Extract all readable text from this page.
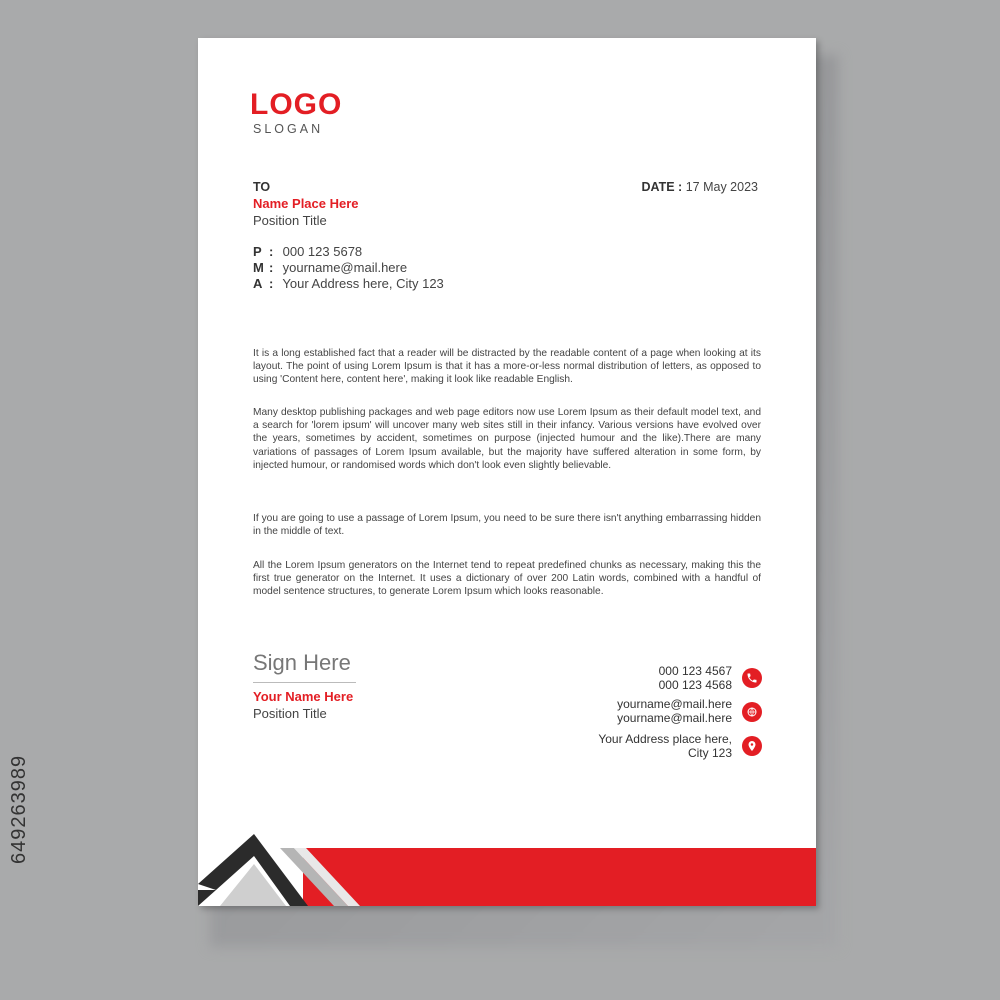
LOGO
SLOGAN
TO
Name Place Here
Position Title
DATE : 17 May 2023
P : 000 123 5678
M : yourname@mail.here
A : Your Address here, City 123

It is a long established fact that a reader will be distracted by the readable content of a page when looking at its layout. The point of using Lorem Ipsum is that it has a more-or-less normal distribution of letters, as opposed to using 'Content here, content here', making it look like readable English.

Many desktop publishing packages and web page editors now use Lorem Ipsum as their default model text, and a search for 'lorem ipsum' will uncover many web sites still in their infancy. Various versions have evolved over the years, sometimes by accident, sometimes on purpose (injected humour and the like).There are many variations of passages of Lorem Ipsum available, but the majority have suffered alteration in some form, by injected humour, or randomised words which don't look even slightly believable.

If you are going to use a passage of Lorem Ipsum, you need to be sure there isn't anything embarrassing hidden in the middle of text.

All the Lorem Ipsum generators on the Internet tend to repeat predefined chunks as necessary, making this the first true generator on the Internet. It uses a dictionary of over 200 Latin words, combined with a handful of model sentence structures, to generate Lorem Ipsum which looks reasonable.

Sign Here
Your Name Here
Position Title
000 123 4567
000 123 4568
yourname@mail.here
yourname@mail.here
Your Address place here,
City 123
649263989
